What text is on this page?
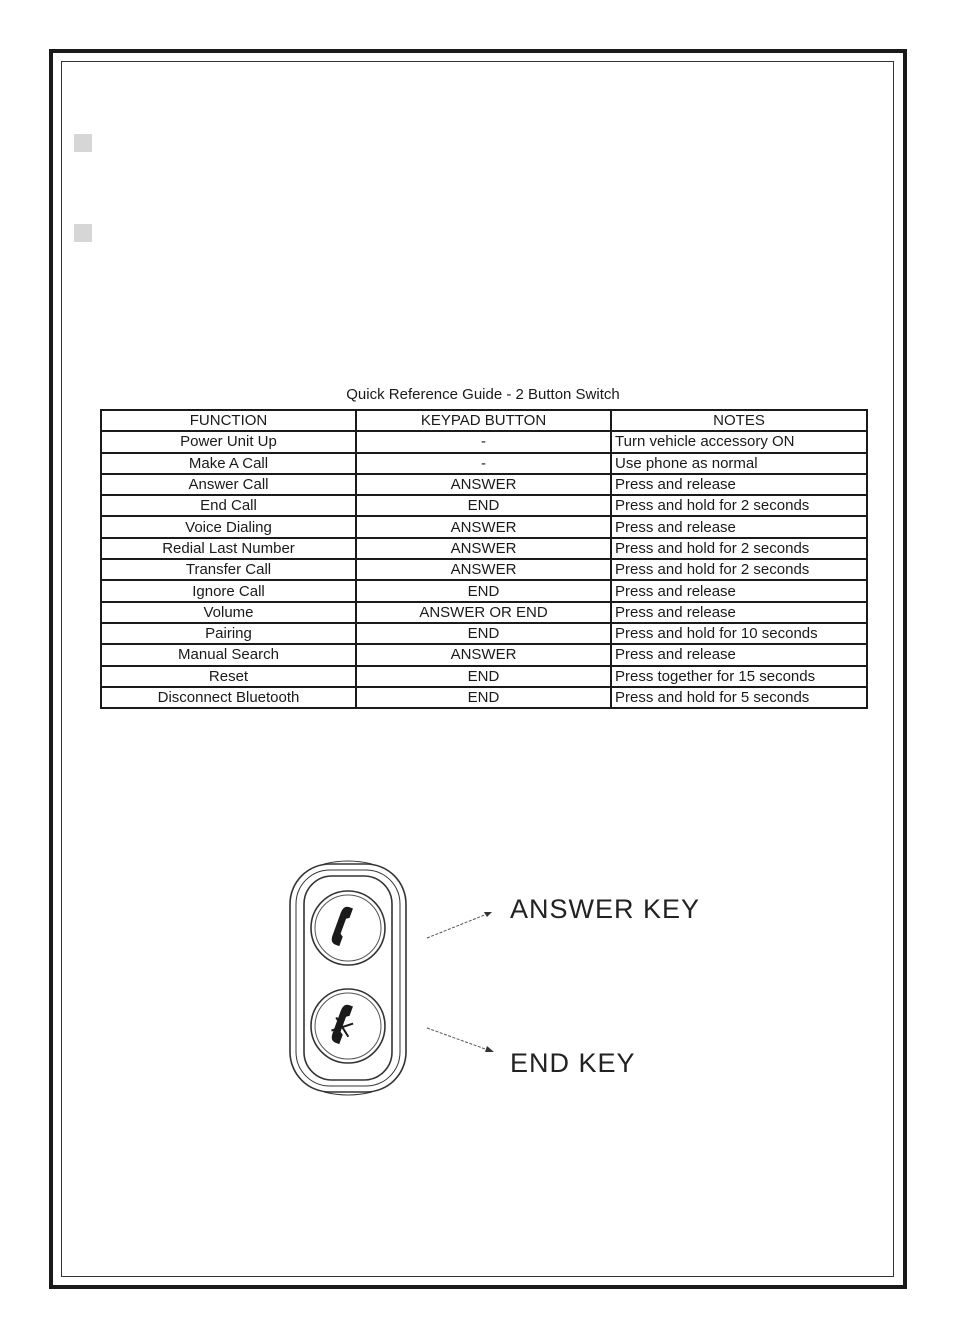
Quick Reference Guide - 2 Button Switch
FUNCTION	KEYPAD BUTTON	NOTES
Power Unit Up	-	Turn vehicle accessory ON
Make A Call	-	Use phone as normal
Answer Call	ANSWER	Press and release
End Call	END	Press and hold for 2 seconds
Voice Dialing	ANSWER	Press and release
Redial Last Number	ANSWER	Press and hold for 2 seconds
Transfer Call	ANSWER	Press and hold for 2 seconds
Ignore Call	END	Press and release
Volume	ANSWER OR END	Press and release
Pairing	END	Press and hold for 10 seconds
Manual Search	ANSWER	Press and release
Reset	END	Press together for 15 seconds
Disconnect Bluetooth	END	Press and hold for 5 seconds
ANSWER KEY
END KEY
